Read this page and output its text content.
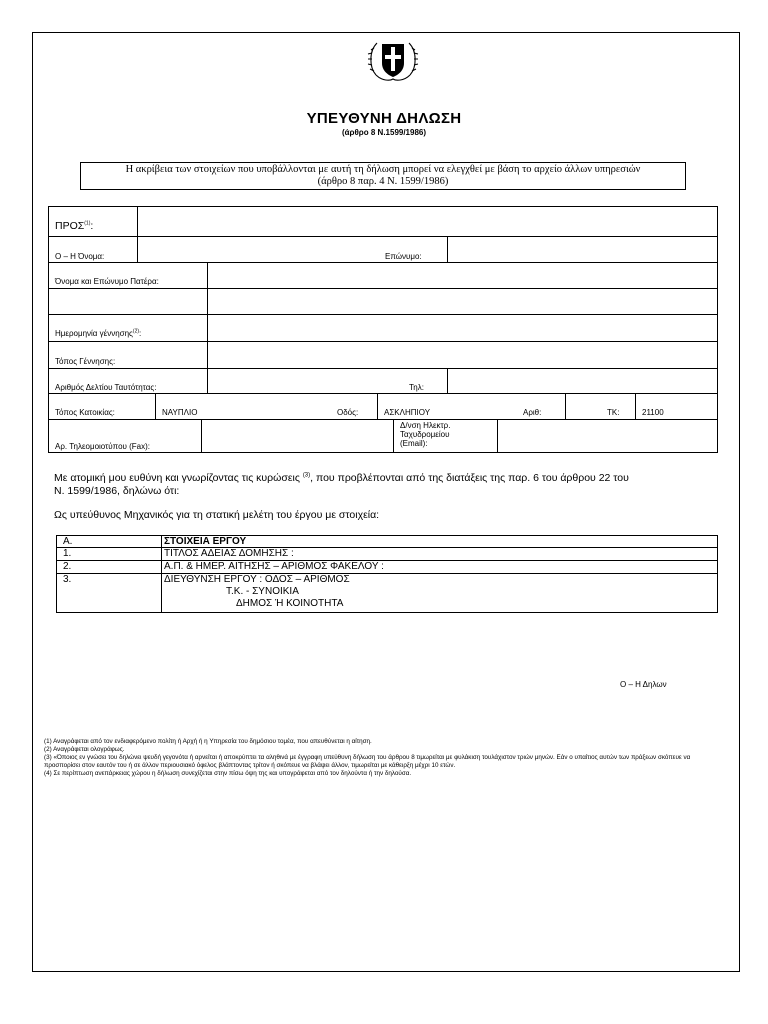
ΥΠΕΥΘΥΝΗ ΔΗΛΩΣΗ
(άρθρο 8 Ν.1599/1986)
Η ακρίβεια των στοιχείων που υποβάλλονται με αυτή τη δήλωση μπορεί να ελεγχθεί με βάση το αρχείο άλλων υπηρεσιών
(άρθρο 8 παρ. 4 Ν. 1599/1986)
ΠΡΟΣ$^{(1)}$:
Ο – Η Όνομα:	Επώνυμο:
Όνομα και Επώνυμο Πατέρα:
Ημερομηνία γέννησης$^{(2)}$:
Τόπος Γέννησης:
Αριθμός Δελτίου Ταυτότητας:	Τηλ:
Τόπος Κατοικίας:	ΝΑΥΠΛΙΟ	Οδός:	ΑΣΚΛΗΠΙΟΥ	Αριθ:	ΤΚ:	21100
Αρ. Τηλεομοιοτύπου (Fax):
Δ/νση Ηλεκτρ.
Ταχυδρομείου
(Email):
Με ατομική μου ευθύνη και γνωρίζοντας τις κυρώσεις $^{(3)}$, που προβλέπονται από της διατάξεις της παρ. 6 του άρθρου 22 του
Ν. 1599/1986, δηλώνω ότι:
Ως υπεύθυνος Μηχανικός για τη στατική μελέτη του έργου με στοιχεία:
Α.	ΣΤΟΙΧΕΙΑ ΕΡΓΟΥ
1.	ΤΙΤΛΟΣ ΑΔΕΙΑΣ ΔΟΜΗΣΗΣ :
2.	Α.Π. & ΗΜΕΡ. ΑΙΤΗΣΗΣ – ΑΡΙΘΜΟΣ ΦΑΚΕΛΟΥ :
3.	ΔΙΕΥΘΥΝΣΗ ΕΡΓΟΥ : ΟΔΟΣ – ΑΡΙΘΜΟΣ
Τ.Κ. - ΣΥΝΟΙΚΙΑ
ΔΗΜΟΣ Ή ΚΟΙΝΟΤΗΤΑ
Ο – Η Δηλων
(1) Αναγράφεται από τον ενδιαφερόμενο πολίτη ή Αρχή ή η Υπηρεσία του δημόσιου τομέα, που απευθύνεται η αίτηση.
(2) Αναγράφεται ολογράφως.
(3) «Όποιος εν γνώσει του δηλώνει ψευδή γεγονότα ή αρνείται ή αποκρύπτει τα αληθινά με έγγραφη υπεύθυνη δήλωση του άρθρου 8 τιμωρείται με φυλάκιση τουλάχιστον τριών μηνών. Εάν ο υπαίτιος αυτών των πράξεων σκόπευε να προσπορίσει στον εαυτόν του ή σε άλλον περιουσιακό όφελος βλάπτοντας τρίτον ή σκόπευε να βλάψει άλλον, τιμωρείται με κάθειρξη μέχρι 10 ετών.
(4) Σε περίπτωση ανεπάρκειας χώρου η δήλωση συνεχίζεται στην πίσω όψη της και υπογράφεται από τον δηλούντα ή την δηλούσα.
